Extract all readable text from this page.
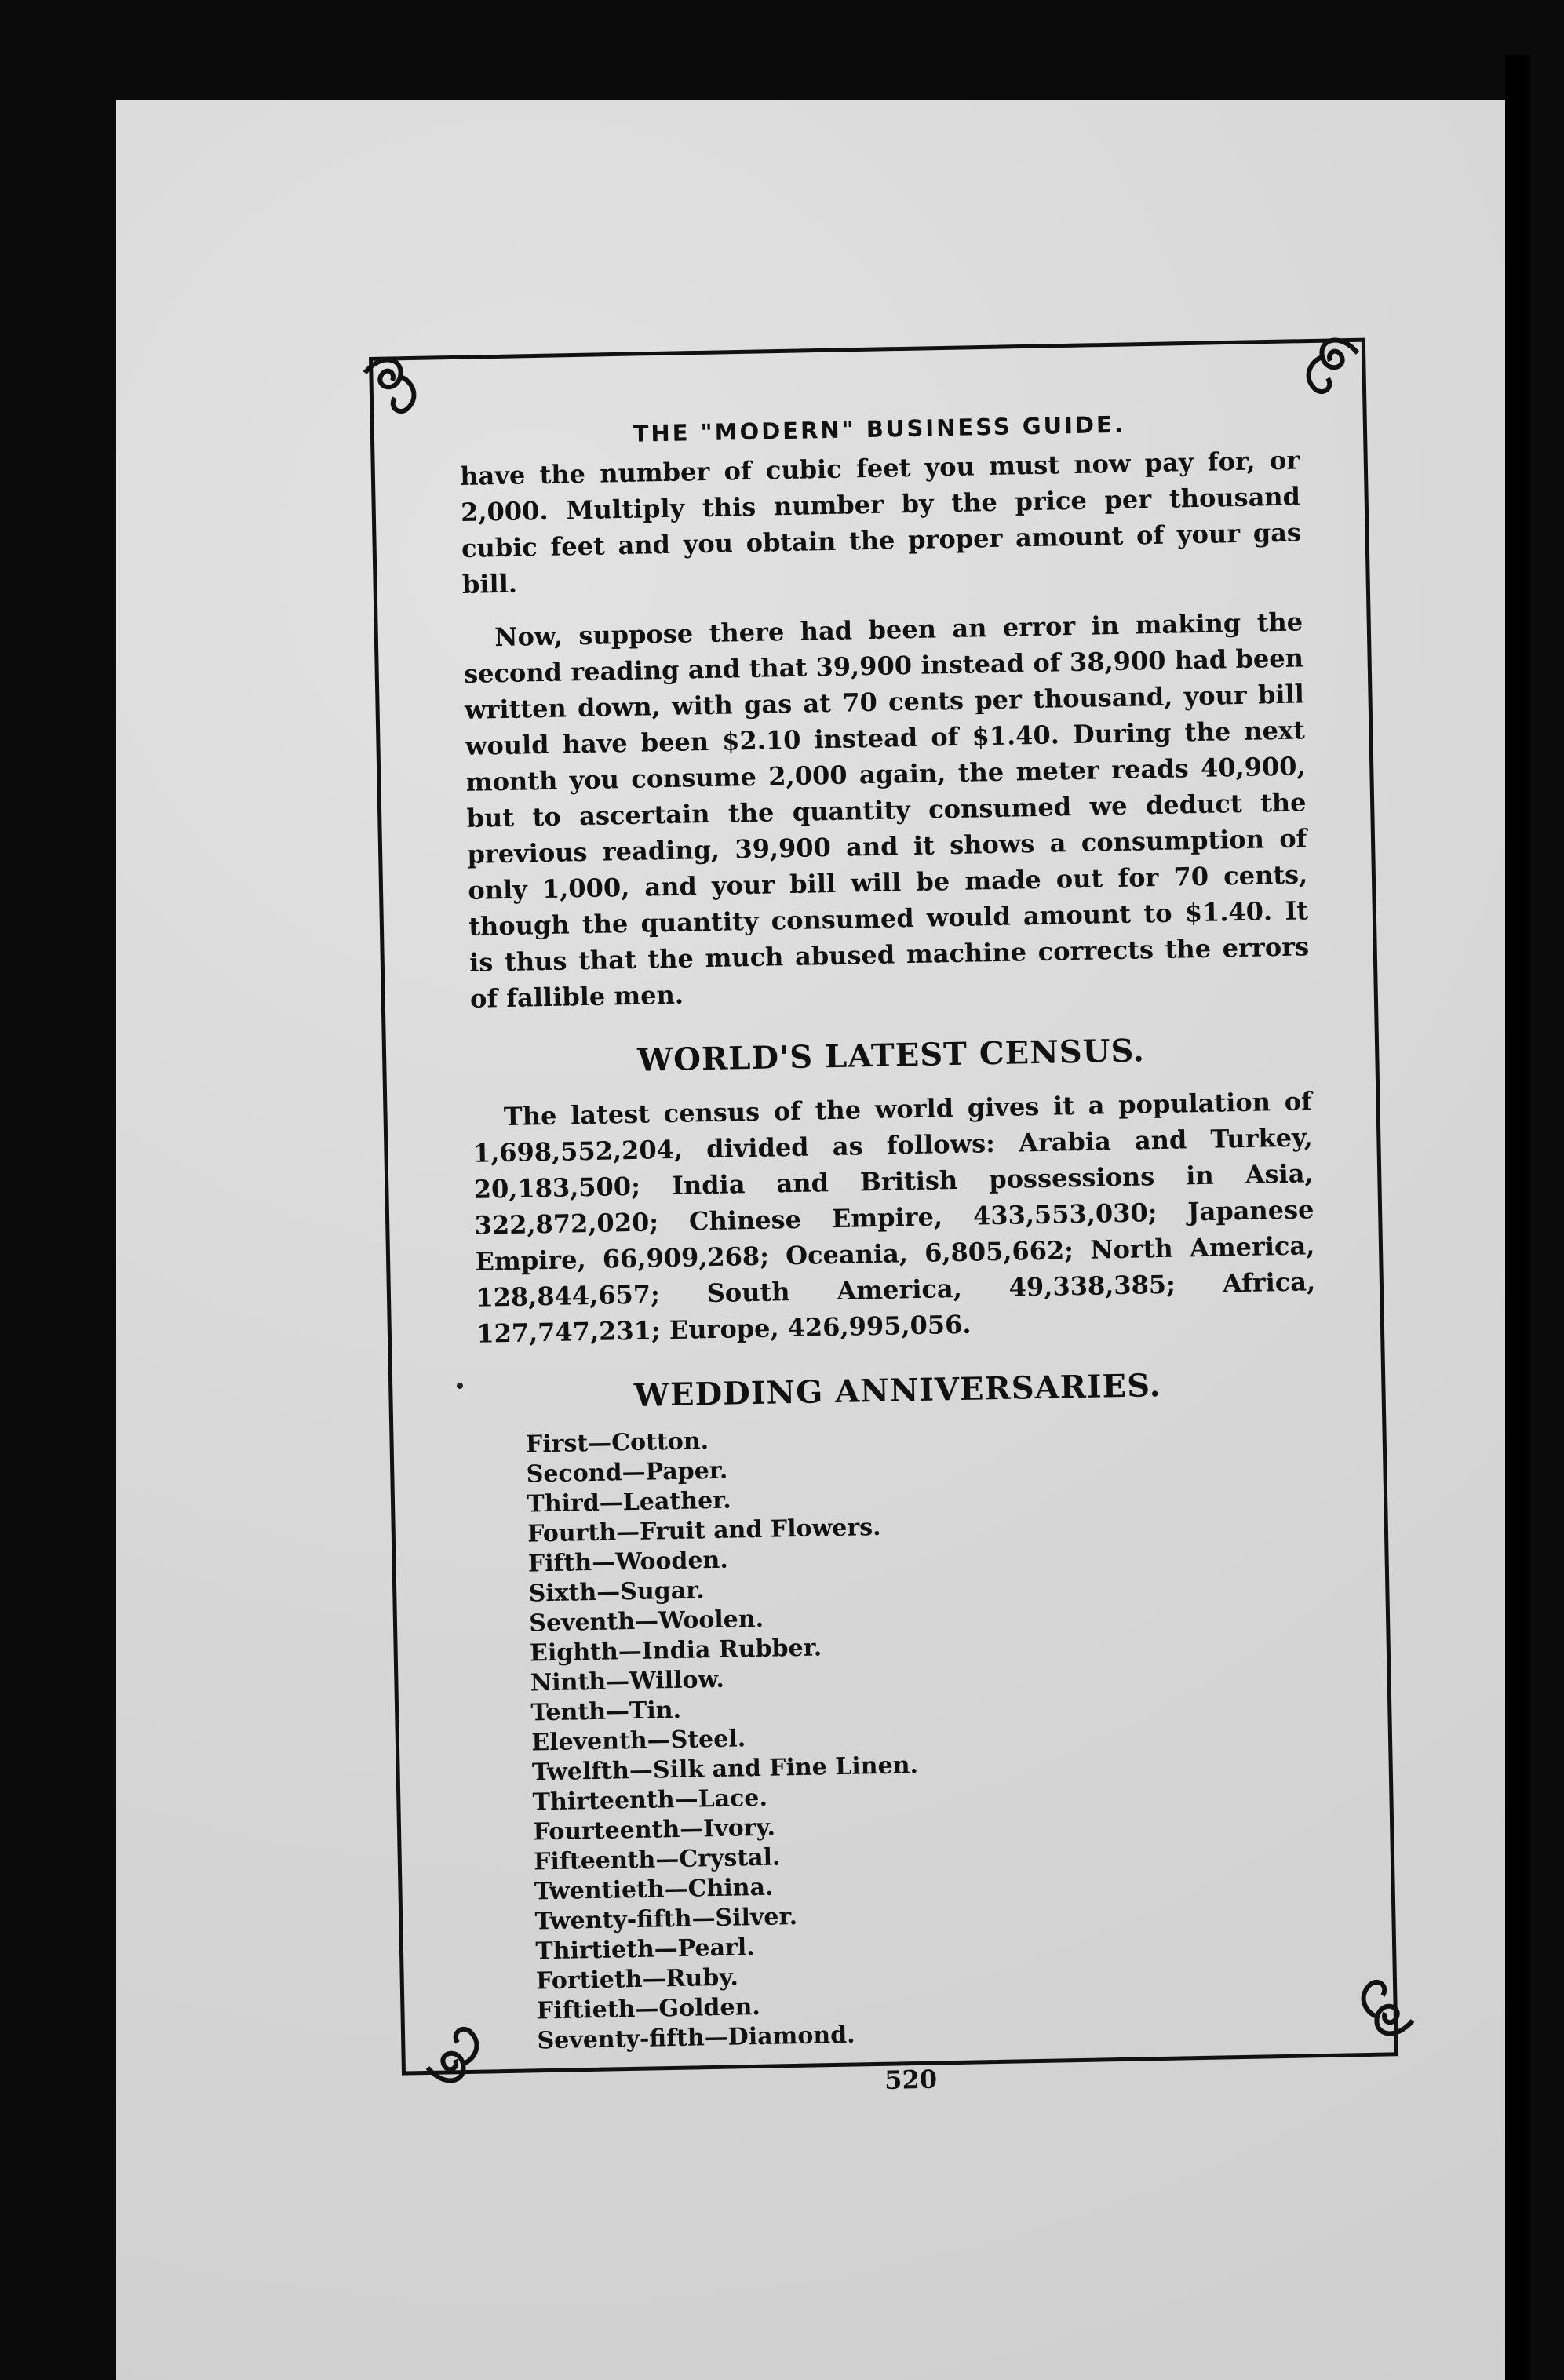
THE "MODERN" BUSINESS GUIDE.

have the number of cubic feet you must now pay for, or 2,000. Multiply this number by the price per thousand cubic feet and you obtain the proper amount of your gas bill.

Now, suppose there had been an error in making the second reading and that 39,900 instead of 38,900 had been written down, with gas at 70 cents per thousand, your bill would have been $2.10 instead of $1.40. During the next month you consume 2,000 again, the meter reads 40,900, but to ascertain the quantity consumed we deduct the previous reading, 39,900 and it shows a consumption of only 1,000, and your bill will be made out for 70 cents, though the quantity consumed would amount to $1.40. It is thus that the much abused machine corrects the errors of fallible men.

WORLD'S LATEST CENSUS.

The latest census of the world gives it a population of 1,698,552,204, divided as follows: Arabia and Turkey, 20,183,500; India and British possessions in Asia, 322,872,020; Chinese Empire, 433,553,030; Japanese Empire, 66,909,268; Oceania, 6,805,662; North America, 128,844,657; South America, 49,338,385; Africa, 127,747,231; Europe, 426,995,056.

WEDDING ANNIVERSARIES.
First—Cotton.
Second—Paper.
Third—Leather.
Fourth—Fruit and Flowers.
Fifth—Wooden.
Sixth—Sugar.
Seventh—Woolen.
Eighth—India Rubber.
Ninth—Willow.
Tenth—Tin.
Eleventh—Steel.
Twelfth—Silk and Fine Linen.
Thirteenth—Lace.
Fourteenth—Ivory.
Fifteenth—Crystal.
Twentieth—China.
Twenty-fifth—Silver.
Thirtieth—Pearl.
Fortieth—Ruby.
Fiftieth—Golden.
Seventy-fifth—Diamond.
520
